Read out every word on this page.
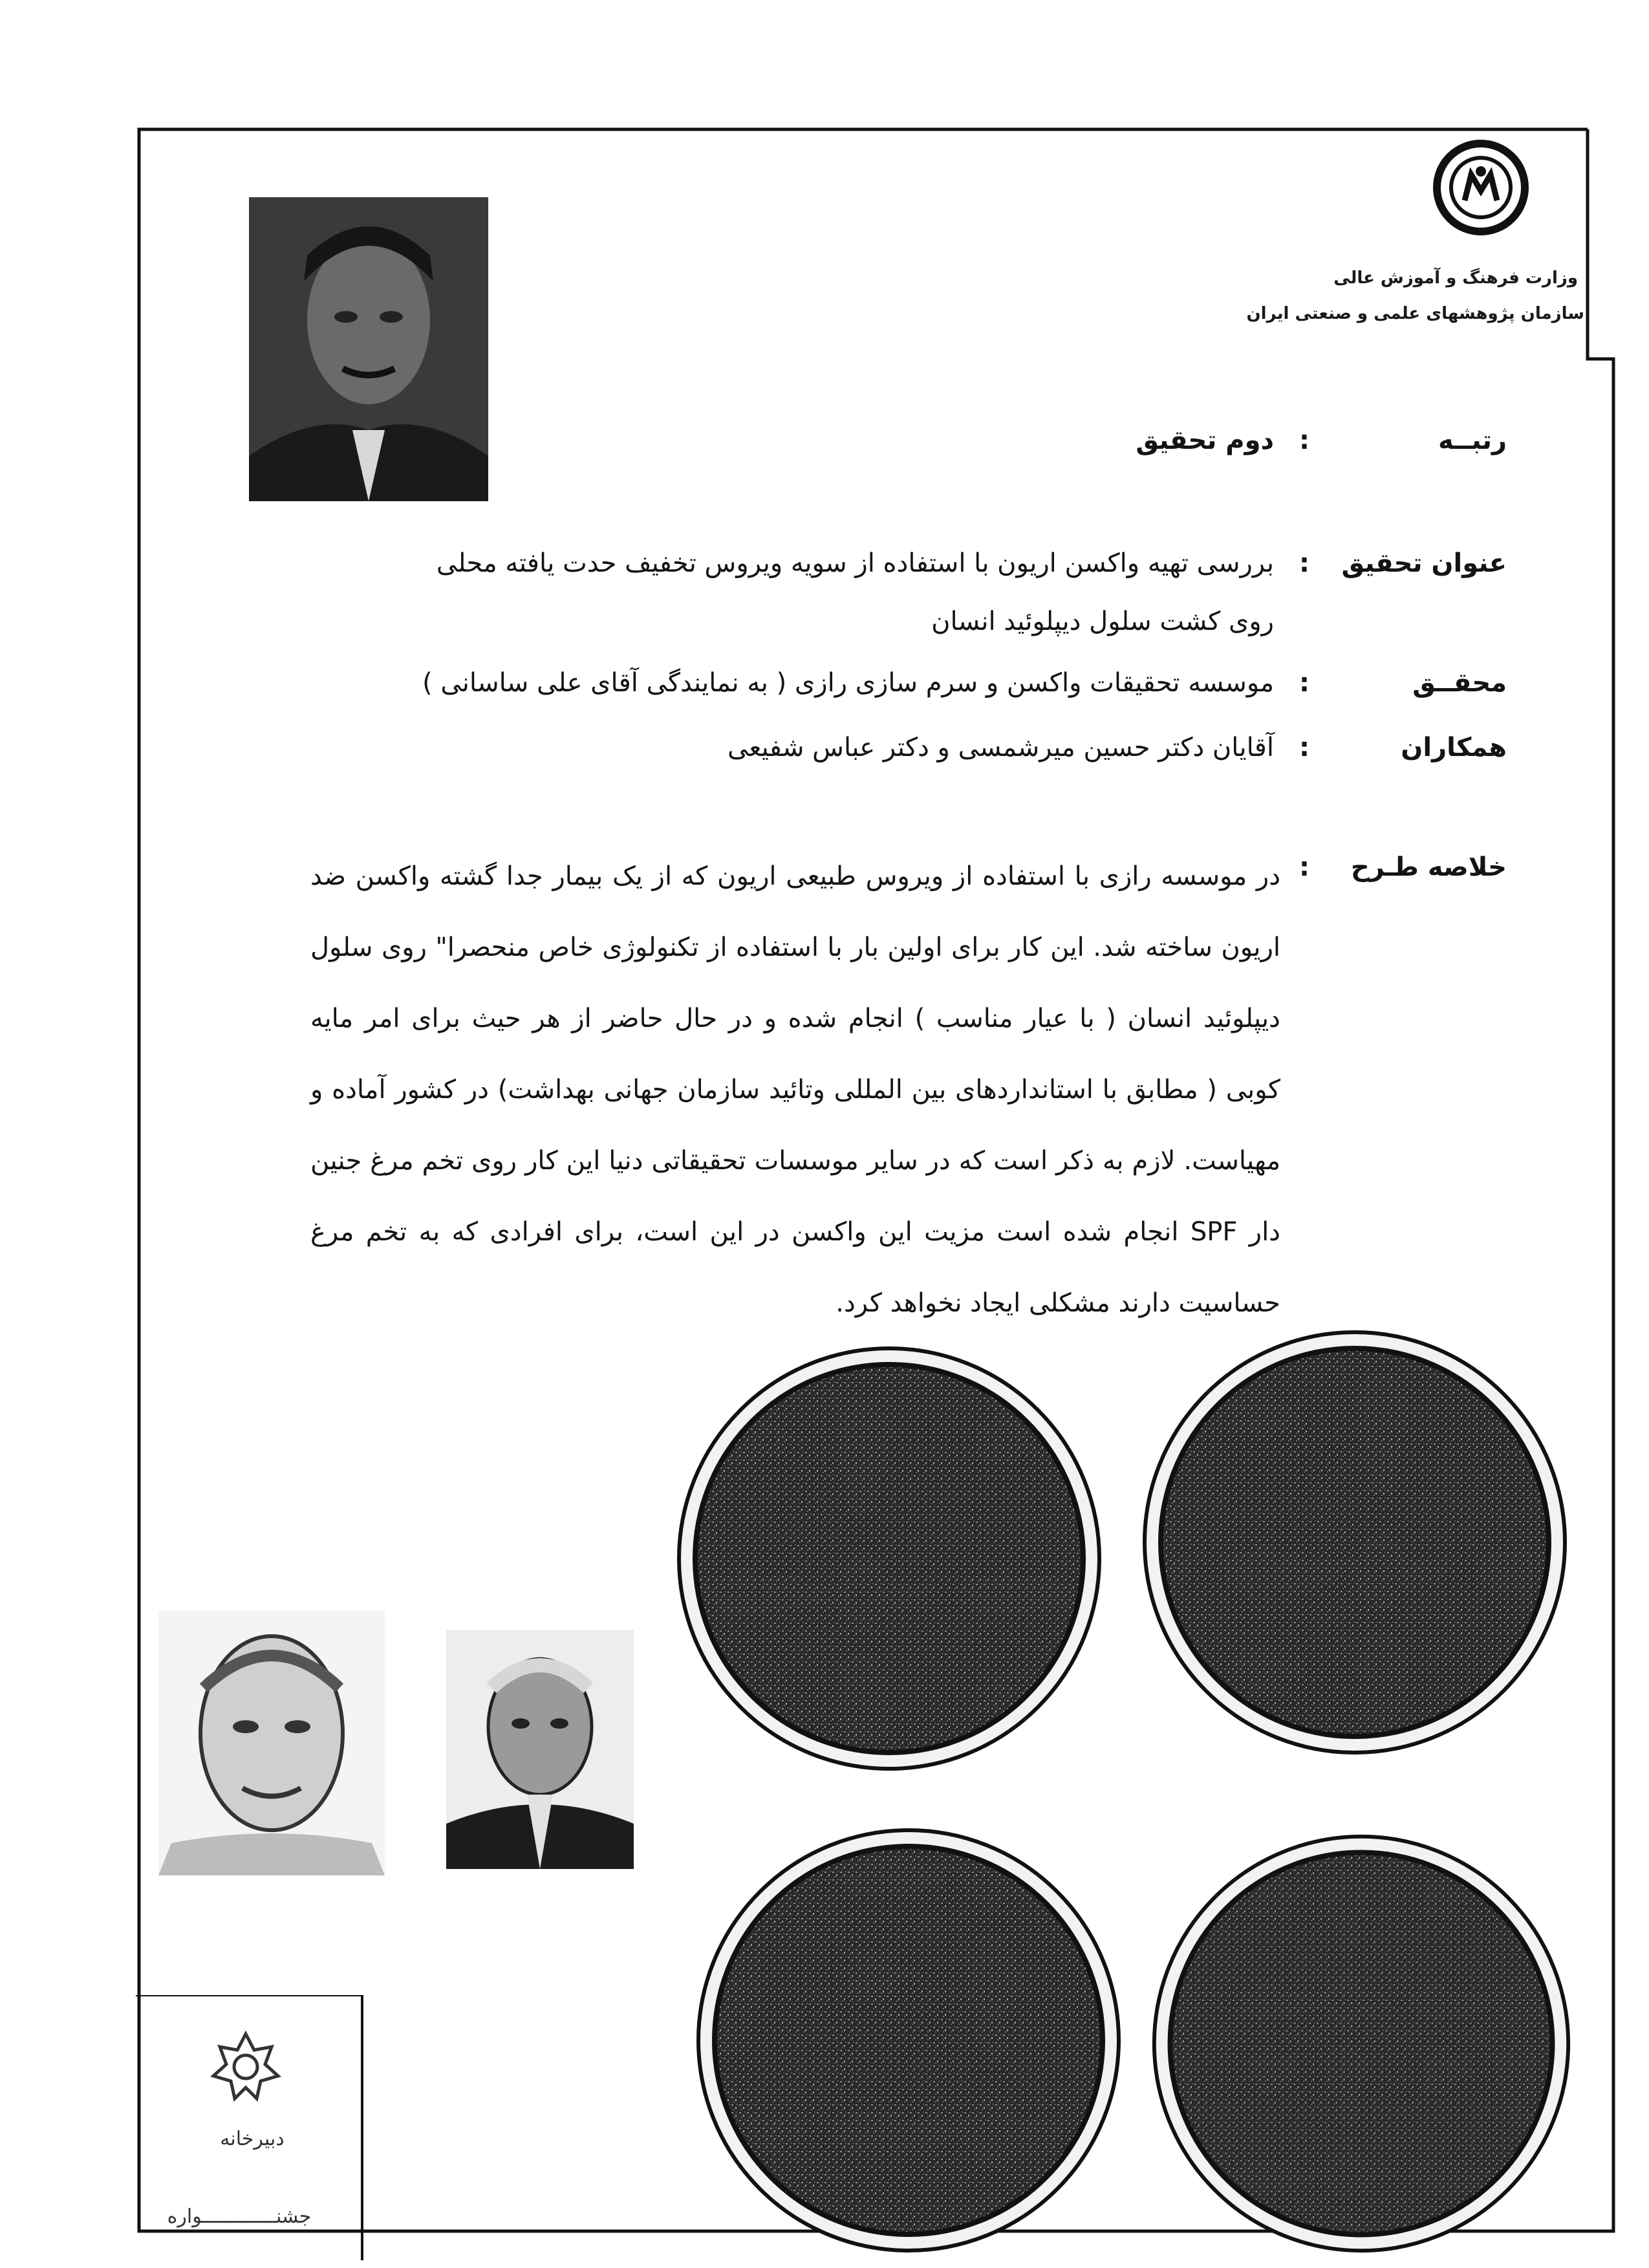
وزارت فرهنگ و آموزش عالی
سازمان پژوهشهای علمی و صنعتی ایران
رتبــه
:
دوم تحقیق
عنوان تحقیق
:
بررسی تهیه واکسن اریون با استفاده از سویه ویروس تخفیف حدت یافته محلی
روی کشت سلول دیپلوئید انسان
محقــق
:
موسسه تحقیقات واکسن و سرم سازی رازی ( به نمایندگی آقای علی ساسانی )
همکاران
:
آقایان دکتر حسین میرشمسی و دکتر عباس شفیعی
خلاصه طـرح
:
در موسسه رازی با استفاده از ویروس طبیعی اریون که از یک بیمار جدا گشته واکسن ضد اریون ساخته شد. این کار برای اولین بار با استفاده از تکنولوژی خاص منحصرا" روی سلول دیپلوئید انسان ( با عیار مناسب ) انجام شده و در حال حاضر از هر حیث برای امر مایه کوبی ( مطابق با استانداردهای بین المللی وتائید سازمان جهانی بهداشت) در کشور آماده و مهیاست. لازم به ذکر است که در سایر موسسات تحقیقاتی دنیا این کار روی تخم مرغ جنین دار SPF انجام شده است مزیت این واکسن در این است، برای افرادی که به تخم مرغ حساسیت دارند مشکلی ایجاد نخواهد کرد.
دبیرخانه
جشنـــــــــــــواره
